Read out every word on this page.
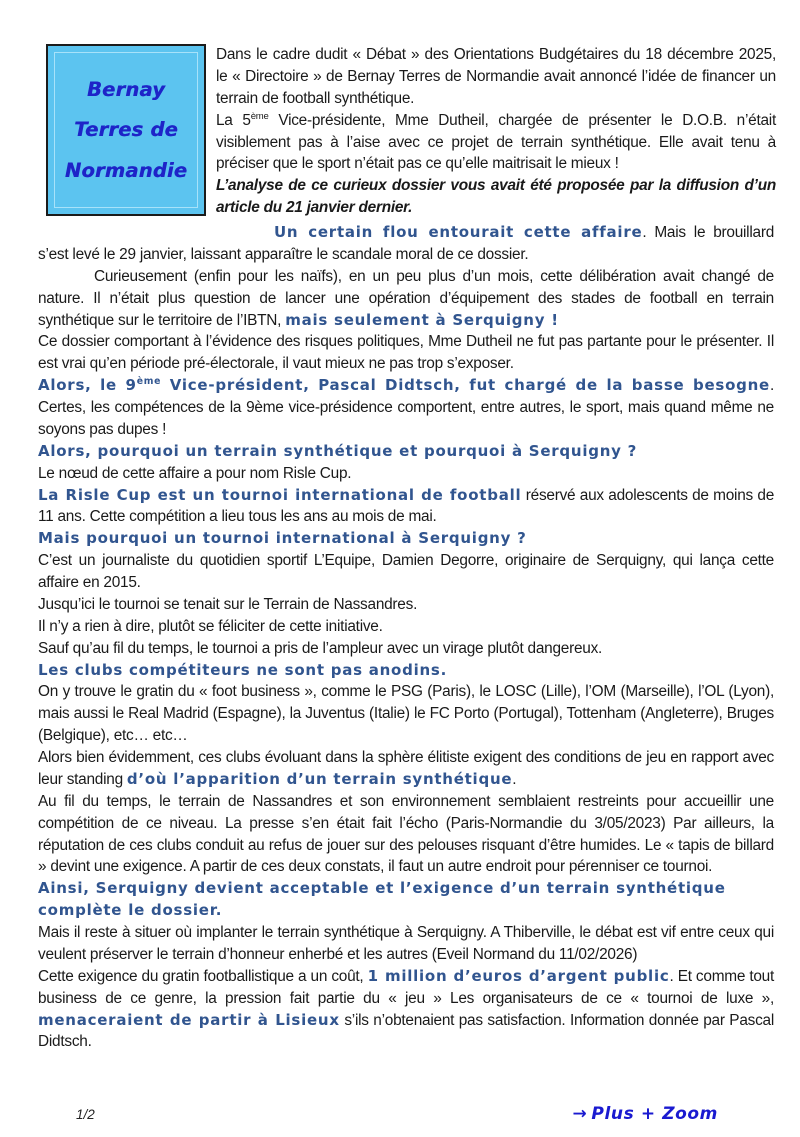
Bernay
Terres de
Normandie

Dans le cadre dudit « Débat » des Orientations Budgétaires du 18 décembre 2025, le « Directoire » de Bernay Terres de Normandie avait annoncé l’idée de financer un terrain de football synthétique.

La 5ème Vice-présidente, Mme Dutheil, chargée de présenter le D.O.B. n’était visiblement pas à l’aise avec ce projet de terrain synthétique. Elle avait tenu à préciser que le sport n’était pas ce qu’elle maitrisait le mieux !

L’analyse de ce curieux dossier vous avait été proposée par la diffusion d’un article du 21 janvier dernier.

Un certain flou entourait cette affaire. Mais le brouillard s’est levé le 29 janvier, laissant apparaître le scandale moral de ce dossier.

Curieusement (enfin pour les naïfs), en un peu plus d’un mois, cette délibération avait changé de nature. Il n’était plus question de lancer une opération d’équipement des stades de football en terrain synthétique sur le territoire de l’IBTN, mais seulement à Serquigny !

Ce dossier comportant à l’évidence des risques politiques, Mme Dutheil ne fut pas partante pour le présenter. Il est vrai qu’en période pré-électorale, il vaut mieux ne pas trop s’exposer.

Alors, le 9ème Vice-président, Pascal Didtsch, fut chargé de la basse besogne. Certes, les compétences de la 9ème vice-présidence comportent, entre autres, le sport, mais quand même ne soyons pas dupes !

Alors, pourquoi un terrain synthétique et pourquoi à Serquigny ?

Le nœud de cette affaire a pour nom Risle Cup.

La Risle Cup est un tournoi international de football réservé aux adolescents de moins de 11 ans. Cette compétition a lieu tous les ans au mois de mai.

Mais pourquoi un tournoi international à Serquigny ?

C’est un journaliste du quotidien sportif L’Equipe, Damien Degorre, originaire de Serquigny, qui lança cette affaire en 2015.

Jusqu’ici le tournoi se tenait sur le Terrain de Nassandres.

Il n’y a rien à dire, plutôt se féliciter de cette initiative.

Sauf qu’au fil du temps, le tournoi a pris de l’ampleur avec un virage plutôt dangereux.

Les clubs compétiteurs ne sont pas anodins.

On y trouve le gratin du « foot business », comme le PSG (Paris), le LOSC (Lille), l’OM (Marseille), l’OL (Lyon), mais aussi le Real Madrid (Espagne), la Juventus (Italie) le FC Porto (Portugal), Tottenham (Angleterre), Bruges (Belgique), etc… etc…

Alors bien évidemment, ces clubs évoluant dans la sphère élitiste exigent des conditions de jeu en rapport avec leur standing d’où l’apparition d’un terrain synthétique.

Au fil du temps, le terrain de Nassandres et son environnement semblaient restreints pour accueillir une compétition de ce niveau. La presse s’en était fait l’écho (Paris-Normandie du 3/05/2023) Par ailleurs, la réputation de ces clubs conduit au refus de jouer sur des pelouses risquant d’être humides. Le « tapis de billard » devint une exigence. A partir de ces deux constats, il faut un autre endroit pour pérenniser ce tournoi.

Ainsi, Serquigny devient acceptable et l’exigence d’un terrain synthétique complète le dossier.

Mais il reste à situer où implanter le terrain synthétique à Serquigny. A Thiberville, le débat est vif entre ceux qui veulent préserver le terrain d’honneur enherbé et les autres (Eveil Normand du 11/02/2026)

Cette exigence du gratin footballistique a un coût, 1 million d’euros d’argent public. Et comme tout business de ce genre, la pression fait partie du « jeu » Les organisateurs de ce « tournoi de luxe », menaceraient de partir à Lisieux s’ils n’obtenaient pas satisfaction. Information donnée par Pascal Didtsch.

1/2	→ Plus + Zoom
